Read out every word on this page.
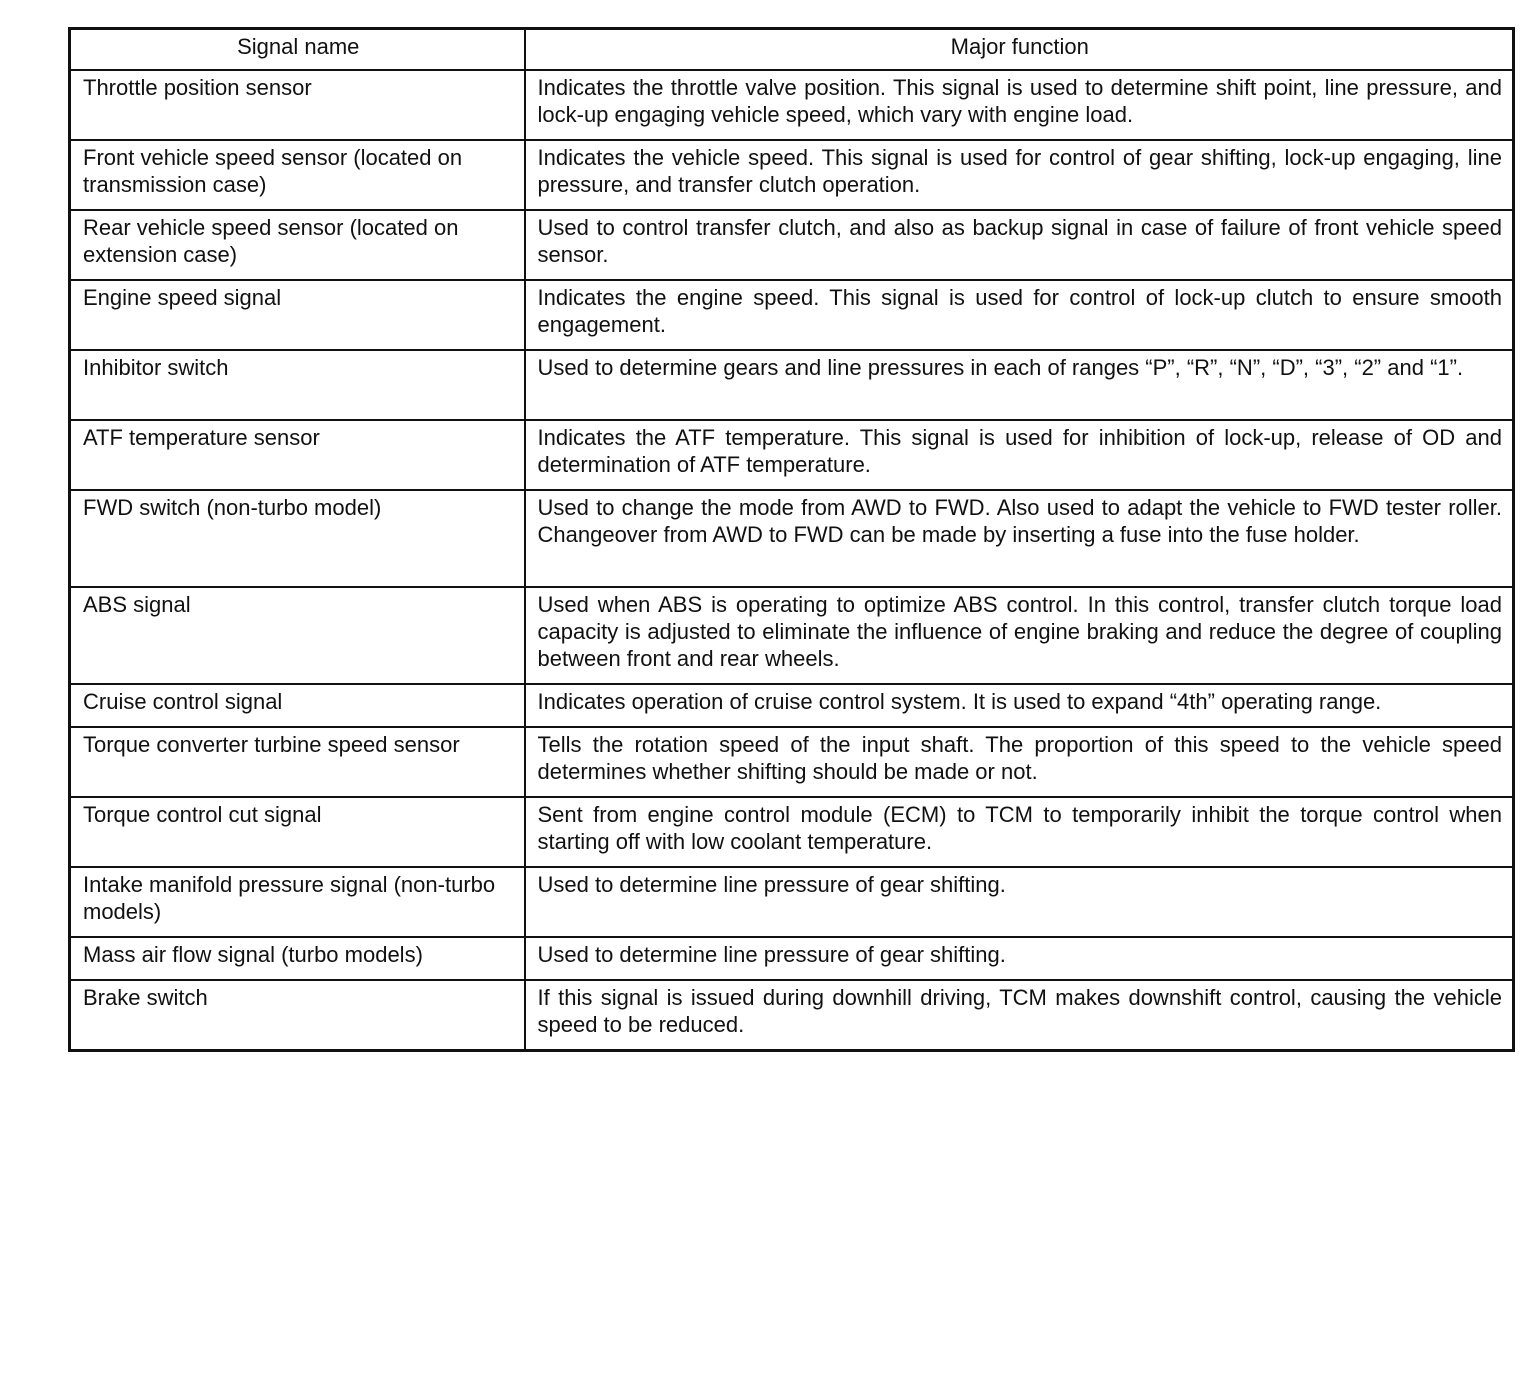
Signal name	Major function
Throttle position sensor	Indicates the throttle valve position. This signal is used to determine shift point, line pressure, and lock-up engaging vehicle speed, which vary with engine load.
Front vehicle speed sensor (located on transmission case)	Indicates the vehicle speed. This signal is used for control of gear shifting, lock-up engaging, line pressure, and transfer clutch operation.
Rear vehicle speed sensor (located on extension case)	Used to control transfer clutch, and also as backup signal in case of failure of front vehicle speed sensor.
Engine speed signal	Indicates the engine speed. This signal is used for control of lock-up clutch to ensure smooth engagement.
Inhibitor switch	Used to determine gears and line pressures in each of ranges “P”, “R”, “N”, “D”, “3”, “2” and “1”.
ATF temperature sensor	Indicates the ATF temperature. This signal is used for inhibition of lock-up, release of OD and determination of ATF temperature.
FWD switch (non-turbo model)	Used to change the mode from AWD to FWD. Also used to adapt the vehicle to FWD tester roller. Changeover from AWD to FWD can be made by inserting a fuse into the fuse holder.
ABS signal	Used when ABS is operating to optimize ABS control. In this control, transfer clutch torque load capacity is adjusted to eliminate the influence of engine braking and reduce the degree of coupling between front and rear wheels.
Cruise control signal	Indicates operation of cruise control system. It is used to expand “4th” operating range.
Torque converter turbine speed sensor	Tells the rotation speed of the input shaft. The proportion of this speed to the vehicle speed determines whether shifting should be made or not.
Torque control cut signal	Sent from engine control module (ECM) to TCM to temporarily inhibit the torque control when starting off with low coolant temperature.
Intake manifold pressure signal (non-turbo models)	Used to determine line pressure of gear shifting.
Mass air flow signal (turbo models)	Used to determine line pressure of gear shifting.
Brake switch	If this signal is issued during downhill driving, TCM makes downshift control, causing the vehicle speed to be reduced.
